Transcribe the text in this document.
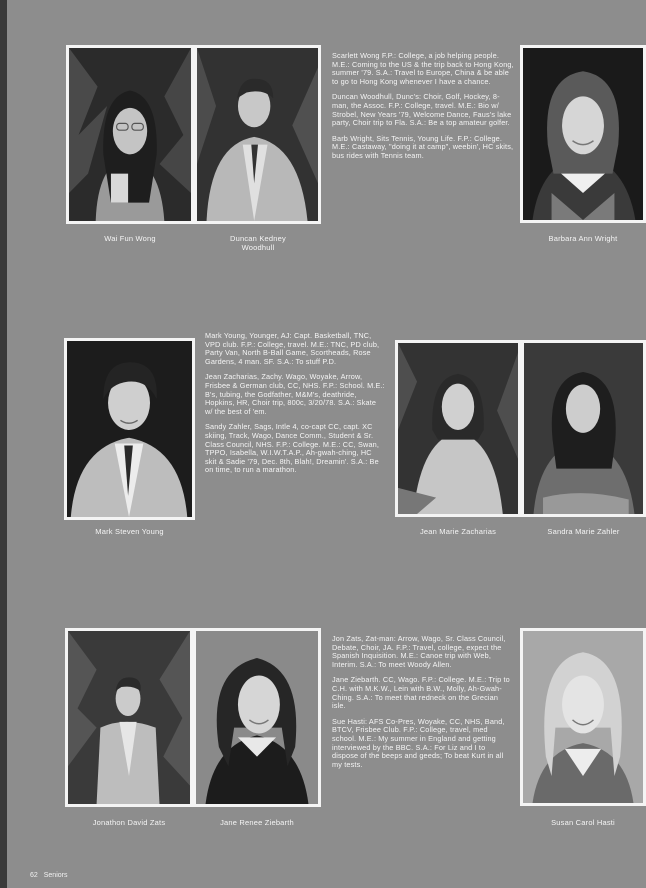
Wai Fun Wong	Duncan Kedney Woodhull
Barbara Ann Wright

Scarlett Wong F.P.: College, a job helping people. M.E.: Coming to the US & the trip back to Hong Kong, summer '79. S.A.: Travel to Europe, China & be able to go to Hong Kong whenever I have a chance.

Duncan Woodhull, Dunc's: Choir, Golf, Hockey, 8-man, the Assoc. F.P.: College, travel. M.E.: Bio w/ Strobel, New Years '79, Welcome Dance, Faus's lake party, Choir trip to Fla. S.A.: Be a top amateur golfer.

Barb Wright, Sits Tennis, Young Life. F.P.: College. M.E.: Castaway, "doing it at camp", weebin', HC skits, bus rides with Tennis team.

Mark Steven Young	Jean Marie Zacharias	Sandra Marie Zahler

Mark Young, Younger, AJ: Capt. Basketball, TNC, VPD club. F.P.: College, travel. M.E.: TNC, PD club, Party Van, North B-Ball Game, Scortheads, Rose Gardens, 4 man. SF. S.A.: To stuff P.D.

Jean Zacharias, Zachy. Wago, Woyake, Arrow, Frisbee & German club, CC, NHS. F.P.: School. M.E.: B's, tubing, the Godfather, M&M's, deathride, Hopkins, HR, Choir trip, 800c, 3/20/78. S.A.: Skate w/ the best of 'em.

Sandy Zahler, Sags, Intle 4, co-capt CC, capt. XC skiing, Track, Wago, Dance Comm., Student & Sr. Class Council, NHS. F.P.: College. M.E.: CC, Swan, TPPO, Isabella, W.I.W.T.A.P., Ah-gwah-ching, HC skit & Sadie '79, Dec. 8th, Blah!, Dreamin'. S.A.: Be on time, to run a marathon.

Jonathon David Zats	Jane Renee Ziebarth	Susan Carol Hasti

Jon Zats, Zat-man: Arrow, Wago, Sr. Class Council, Debate, Choir, JA. F.P.: Travel, college, expect the Spanish Inquisition. M.E.: Canoe trip with Web, Interim. S.A.: To meet Woody Allen.

Jane Ziebarth. CC, Wago. F.P.: College. M.E.: Trip to C.H. with M.K.W., Lein with B.W., Molly, Ah-Gwah-Ching. S.A.: To meet that redneck on the Grecian isle.

Sue Hasti: AFS Co-Pres, Woyake, CC, NHS, Band, BTCV, Frisbee Club. F.P.: College, travel, med school. M.E.: My summer in England and getting interviewed by the BBC. S.A.: For Liz and I to dispose of the beeps and geeds; To beat Kurt in all my tests.

62 Seniors
